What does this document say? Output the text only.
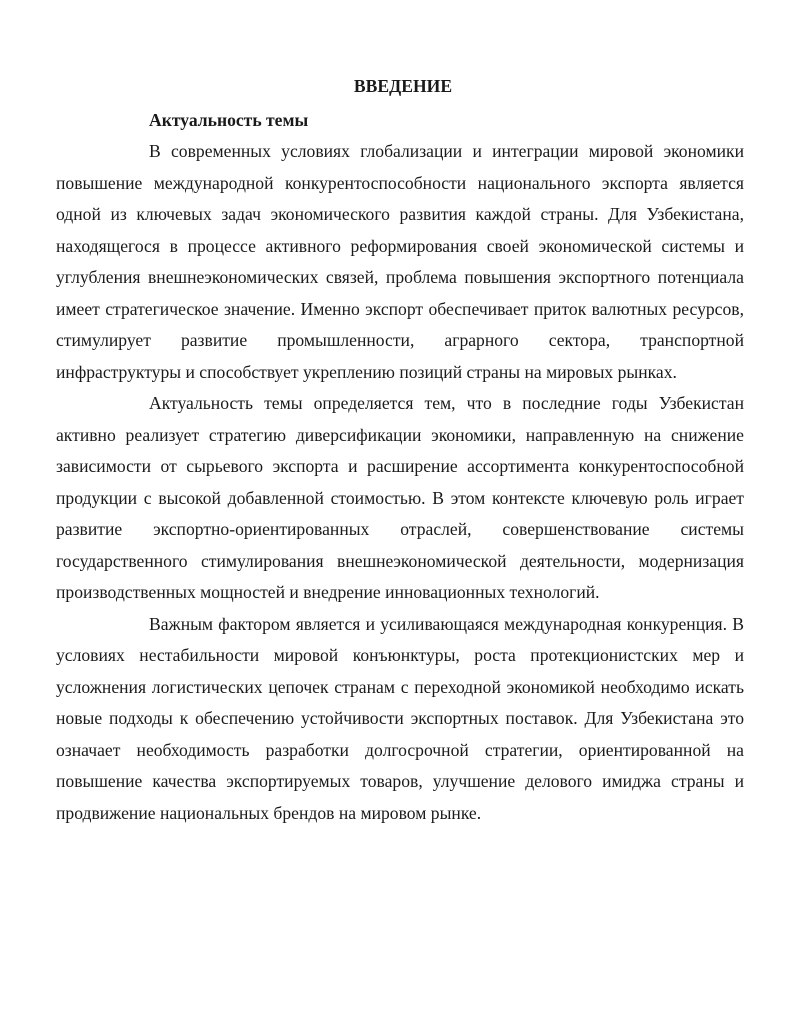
ВВЕДЕНИЕ

Актуальность темы

В современных условиях глобализации и интеграции мировой экономики повышение международной конкурентоспособности национального экспорта является одной из ключевых задач экономического развития каждой страны. Для Узбекистана, находящегося в процессе активного реформирования своей экономической системы и углубления внешнеэкономических связей, проблема повышения экспортного потенциала имеет стратегическое значение. Именно экспорт обеспечивает приток валютных ресурсов, стимулирует развитие промышленности, аграрного сектора, транспортной инфраструктуры и способствует укреплению позиций страны на мировых рынках.

Актуальность темы определяется тем, что в последние годы Узбекистан активно реализует стратегию диверсификации экономики, направленную на снижение зависимости от сырьевого экспорта и расширение ассортимента конкурентоспособной продукции с высокой добавленной стоимостью. В этом контексте ключевую роль играет развитие экспортно-ориентированных отраслей, совершенствование системы государственного стимулирования внешнеэкономической деятельности, модернизация производственных мощностей и внедрение инновационных технологий.

Важным фактором является и усиливающаяся международная конкуренция. В условиях нестабильности мировой конъюнктуры, роста протекционистских мер и усложнения логистических цепочек странам с переходной экономикой необходимо искать новые подходы к обеспечению устойчивости экспортных поставок. Для Узбекистана это означает необходимость разработки долгосрочной стратегии, ориентированной на повышение качества экспортируемых товаров, улучшение делового имиджа страны и продвижение национальных брендов на мировом рынке.
